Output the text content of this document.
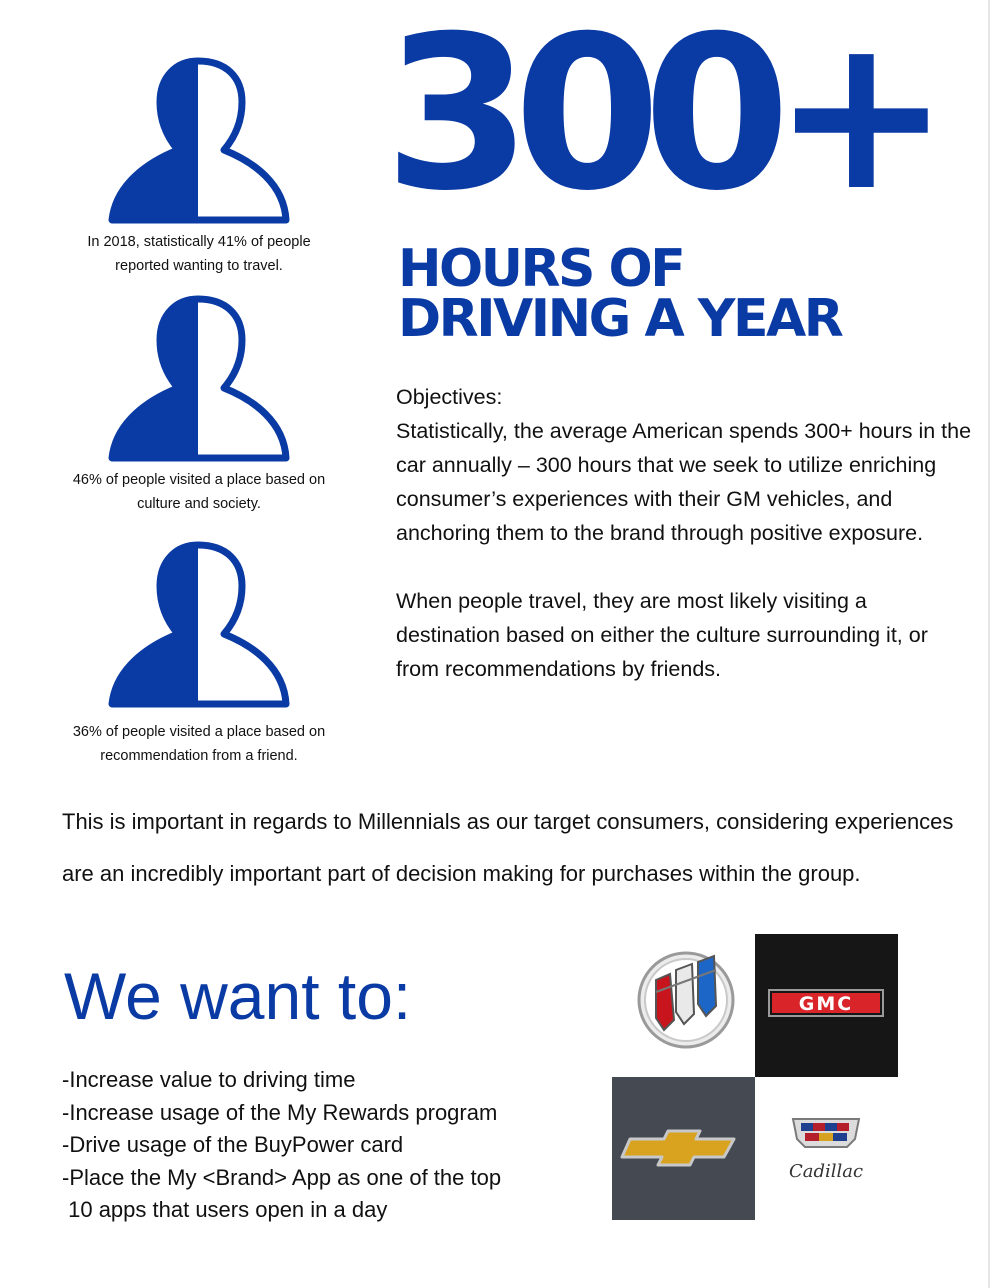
In 2018, statistically 41% of people reported wanting to travel.
46% of people visited a place based on culture and society.
36% of people visited a place based on recommendation from a friend.
300+
HOURS OF
DRIVING A YEAR

Objectives:

Statistically, the average American spends 300+ hours in the car annually – 300 hours that we seek to utilize enriching consumer’s experiences with their GM vehicles, and anchoring them to the brand through positive exposure.

When people travel, they are most likely visiting a destination based on either the culture surrounding it, or from recommendations by friends.

This is important in regards to Millennials as our target consumers, considering experiences are an incredibly important part of decision making for purchases within the group.
We want to:
-Increase value to driving time
-Increase usage of the My Rewards program
-Drive usage of the BuyPower card
-Place the My <Brand> App as one of the top
10 apps that users open in a day
GMC
Cadillac
